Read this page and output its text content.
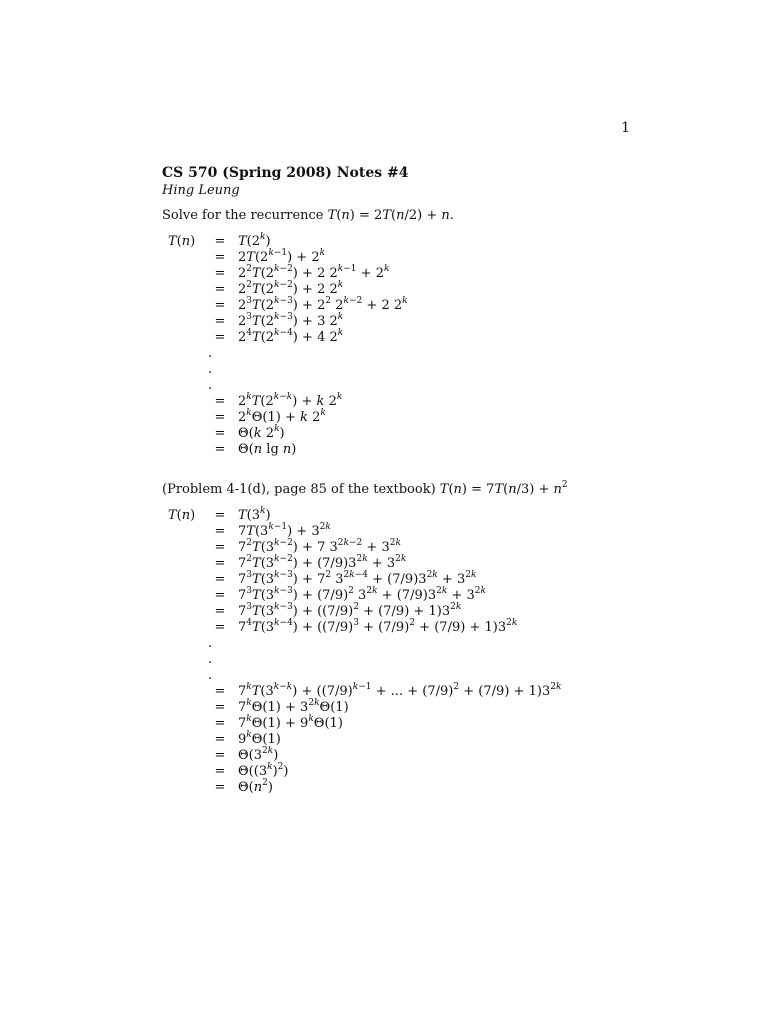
1
CS 570 (Spring 2008) Notes #4
Hing Leung
Solve for the recurrence T(n) = 2T(n/2) + n.
T(n)	= $T(2^k)$
= $2T(2^{k-1}) + 2^k$
= $2^2T(2^{k-2}) + 2$ $2^{k-1} + 2^k$
= $2^2T(2^{k-2}) + 2$ $2^k$
= $2^3T(2^{k-3}) + 2^2$ $2^{k-2} + 2$ $2^k$
= $2^3T(2^{k-3}) + 3$ $2^k$
= $2^4T(2^{k-4}) + 4$ 2$^k$
.
.
.
= $2^kT(2^{k-k}) + k$ $2^k$
= $2^k\Theta(1) + k$ $2^k$
= Θ(k $2^k$)
= Θ(n lg n)
(Problem 4-1(d), page 85 of the textbook) $T(n) = 7T(n/3) + n^2$
T(n)	= $T(3^k)$
= $7T(3^{k-1}) + 3^{2k}$
= $7^2T(3^{k-2}) + 7$ $3^{2k-2} + 3^{2k}$
= $7^2T(3^{k-2}) + (7/9)3^{2k} + 3^{2k}$
= $7^3T(3^{k-3}) + 7^2$ $3^{2k-4} + (7/9)3^{2k} + 3^{2k}$
= $7^3T(3^{k-3}) + (7/9)^2$ $3^{2k} + (7/9)3^{2k} + 3^{2k}$
= $7^3T(3^{k-3}) + ((7/9)^2 + (7/9) + 1)3^{2k}$
= $7^4T(3^{k-4}) + ((7/9)^3 + (7/9)^2 + (7/9) + 1)3^{2k}$
.
.
.
= $7^kT(3^{k-k}) + ((7/9)^{k-1}$ + ... + $(7/9)^2 + (7/9) + 1)3^{2k}$
= $7^k\Theta(1) + 3^{2k}\Theta(1)$
= $7^k\Theta(1) + 9^k\Theta(1)$
= $9^k\Theta(1)$
= $\Theta(3^{2k})$
= $\Theta((3^k)^2)$
= $\Theta(n^2)$
